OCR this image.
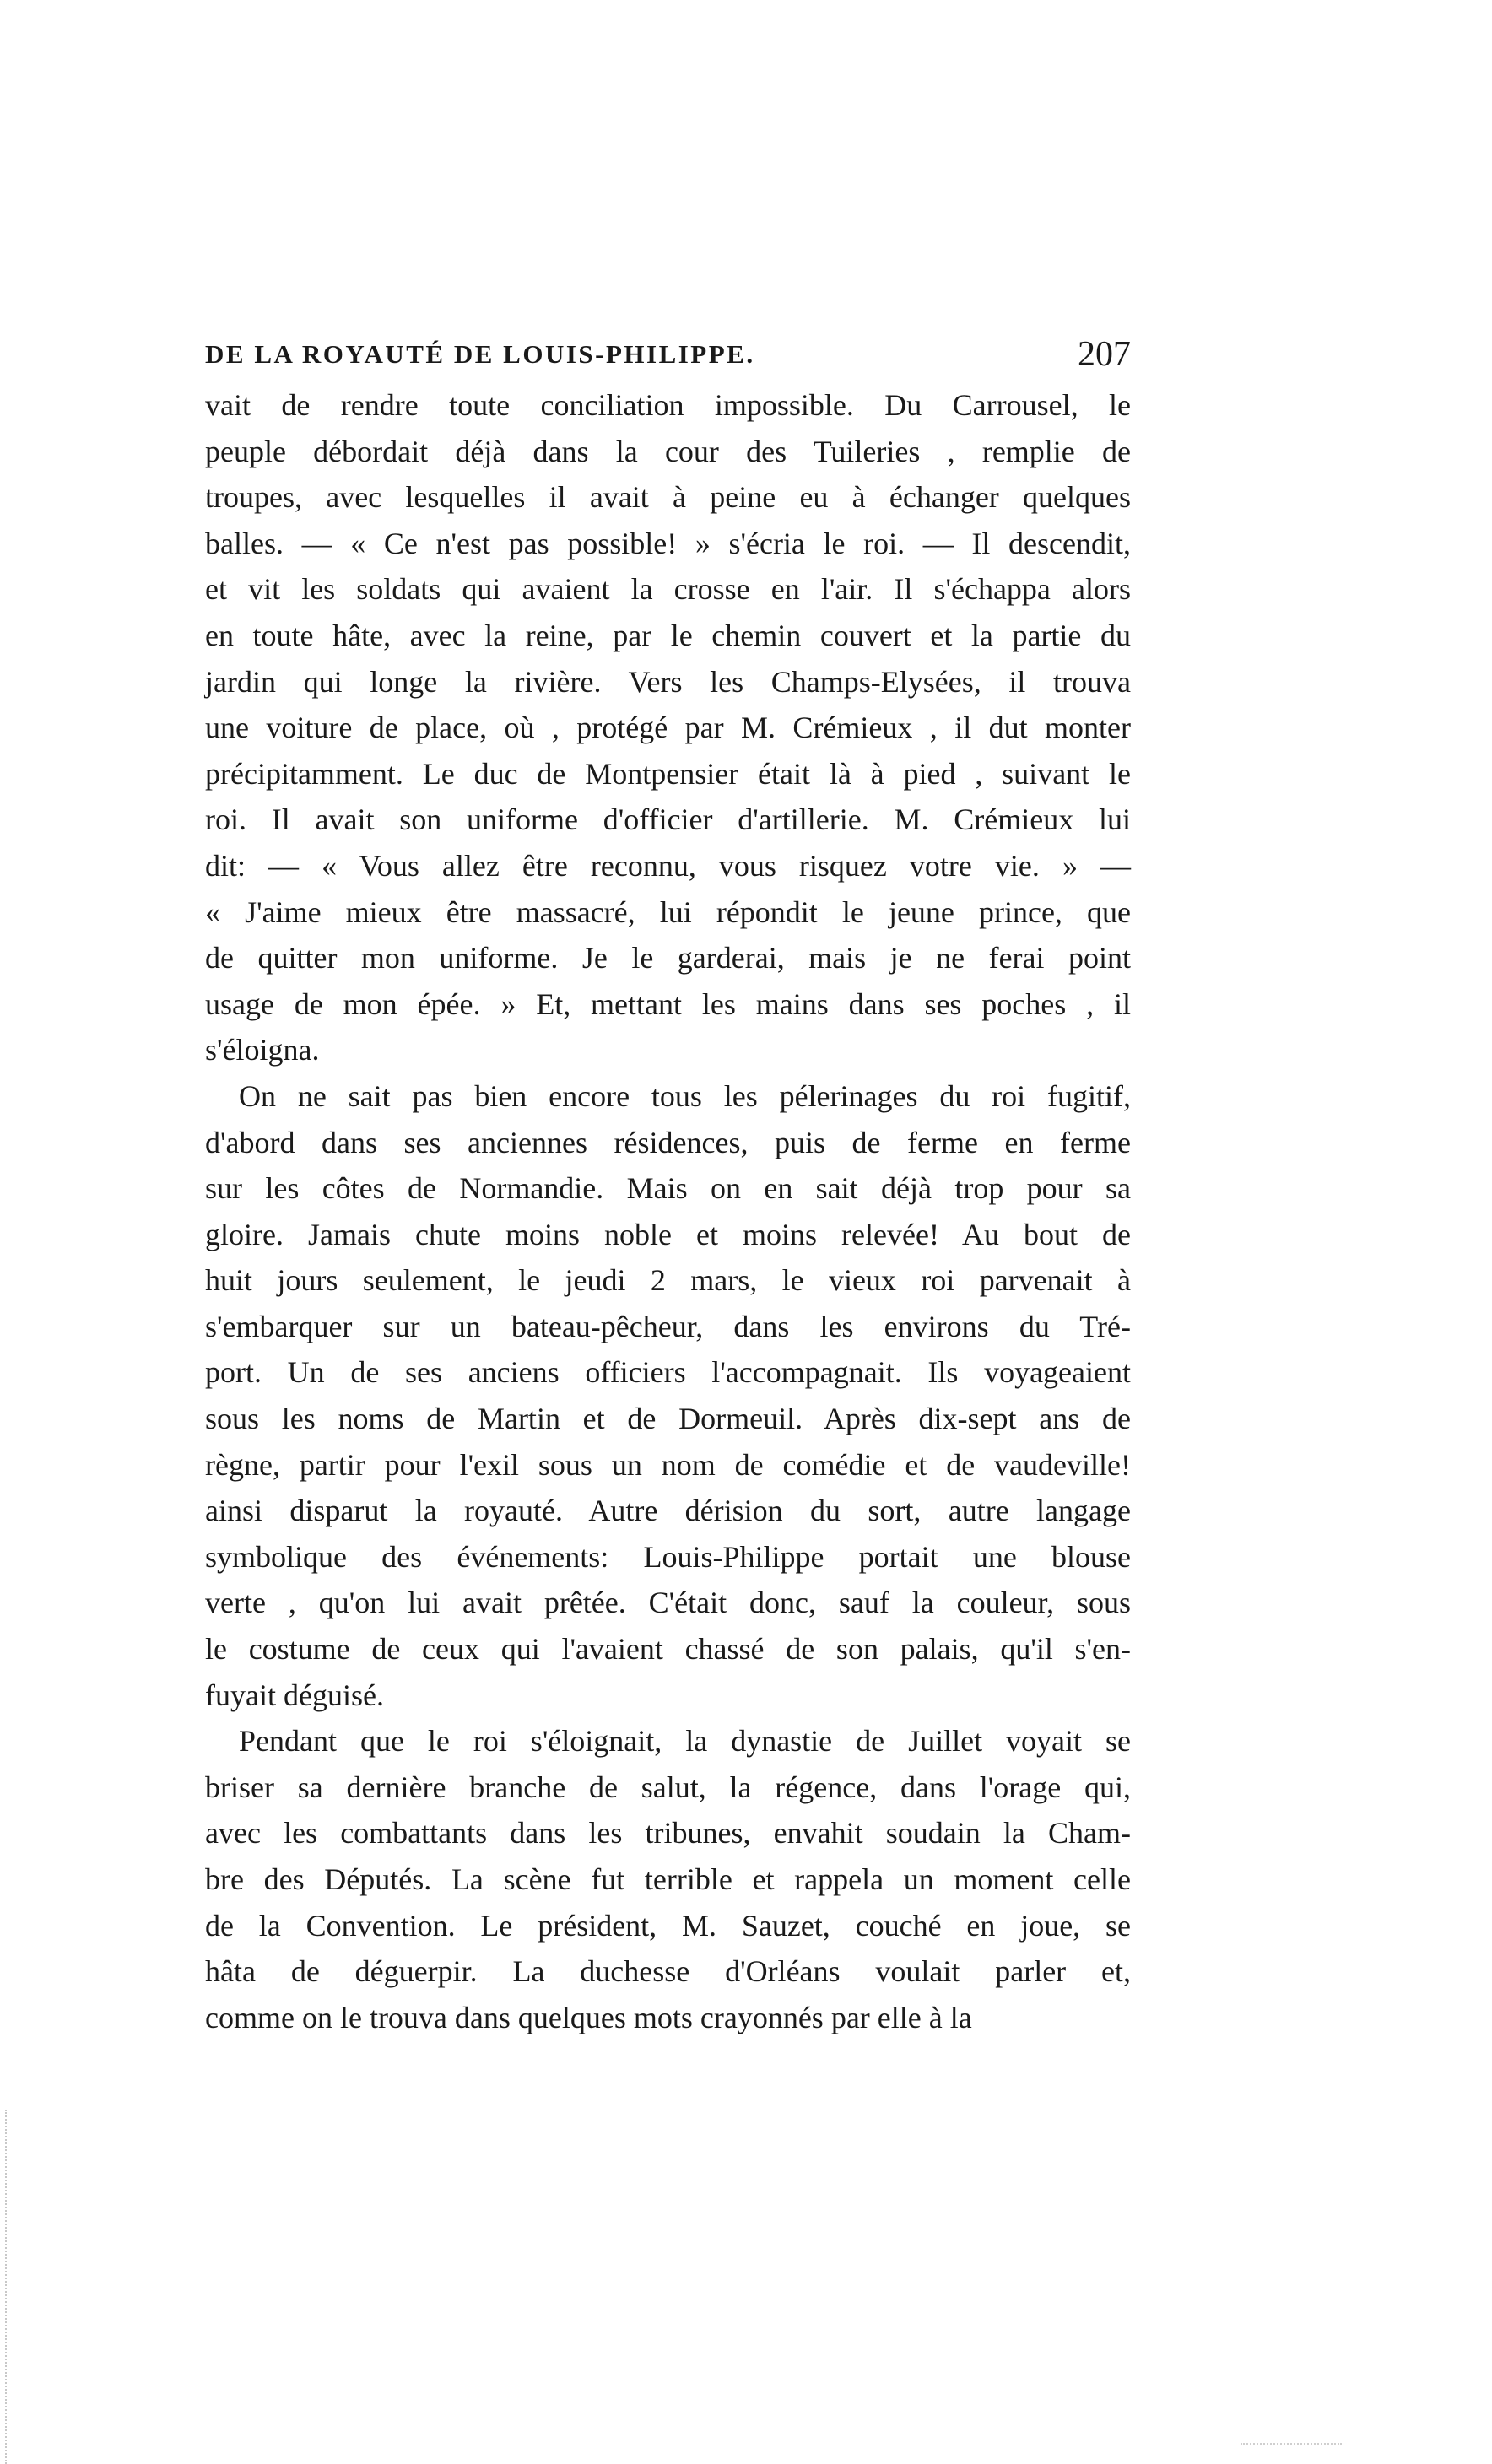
DE LA ROYAUTÉ DE LOUIS-PHILIPPE.	207
vait de rendre toute conciliation impossible. Du Carrousel, le
peuple débordait déjà dans la cour des Tuileries , remplie de
troupes, avec lesquelles il avait à peine eu à échanger quelques
balles. — « Ce n'est pas possible! » s'écria le roi. — Il descendit,
et vit les soldats qui avaient la crosse en l'air. Il s'échappa alors
en toute hâte, avec la reine, par le chemin couvert et la partie du
jardin qui longe la rivière. Vers les Champs-Elysées, il trouva
une voiture de place, où , protégé par M. Crémieux , il dut monter
précipitamment. Le duc de Montpensier était là à pied , suivant le
roi. Il avait son uniforme d'officier d'artillerie. M. Crémieux lui
dit: — « Vous allez être reconnu, vous risquez votre vie. » —
« J'aime mieux être massacré, lui répondit le jeune prince, que
de quitter mon uniforme. Je le garderai, mais je ne ferai point
usage de mon épée. » Et, mettant les mains dans ses poches , il
s'éloigna.
On ne sait pas bien encore tous les pélerinages du roi fugitif,
d'abord dans ses anciennes résidences, puis de ferme en ferme
sur les côtes de Normandie. Mais on en sait déjà trop pour sa
gloire. Jamais chute moins noble et moins relevée! Au bout de
huit jours seulement, le jeudi 2 mars, le vieux roi parvenait à
s'embarquer sur un bateau-pêcheur, dans les environs du Tré-
port. Un de ses anciens officiers l'accompagnait. Ils voyageaient
sous les noms de Martin et de Dormeuil. Après dix-sept ans de
règne, partir pour l'exil sous un nom de comédie et de vaudeville!
ainsi disparut la royauté. Autre dérision du sort, autre langage
symbolique des événements: Louis-Philippe portait une blouse
verte , qu'on lui avait prêtée. C'était donc, sauf la couleur, sous
le costume de ceux qui l'avaient chassé de son palais, qu'il s'en-
fuyait déguisé.
Pendant que le roi s'éloignait, la dynastie de Juillet voyait se
briser sa dernière branche de salut, la régence, dans l'orage qui,
avec les combattants dans les tribunes, envahit soudain la Cham-
bre des Députés. La scène fut terrible et rappela un moment celle
de la Convention. Le président, M. Sauzet, couché en joue, se
hâta de déguerpir. La duchesse d'Orléans voulait parler et,
comme on le trouva dans quelques mots crayonnés par elle à la
